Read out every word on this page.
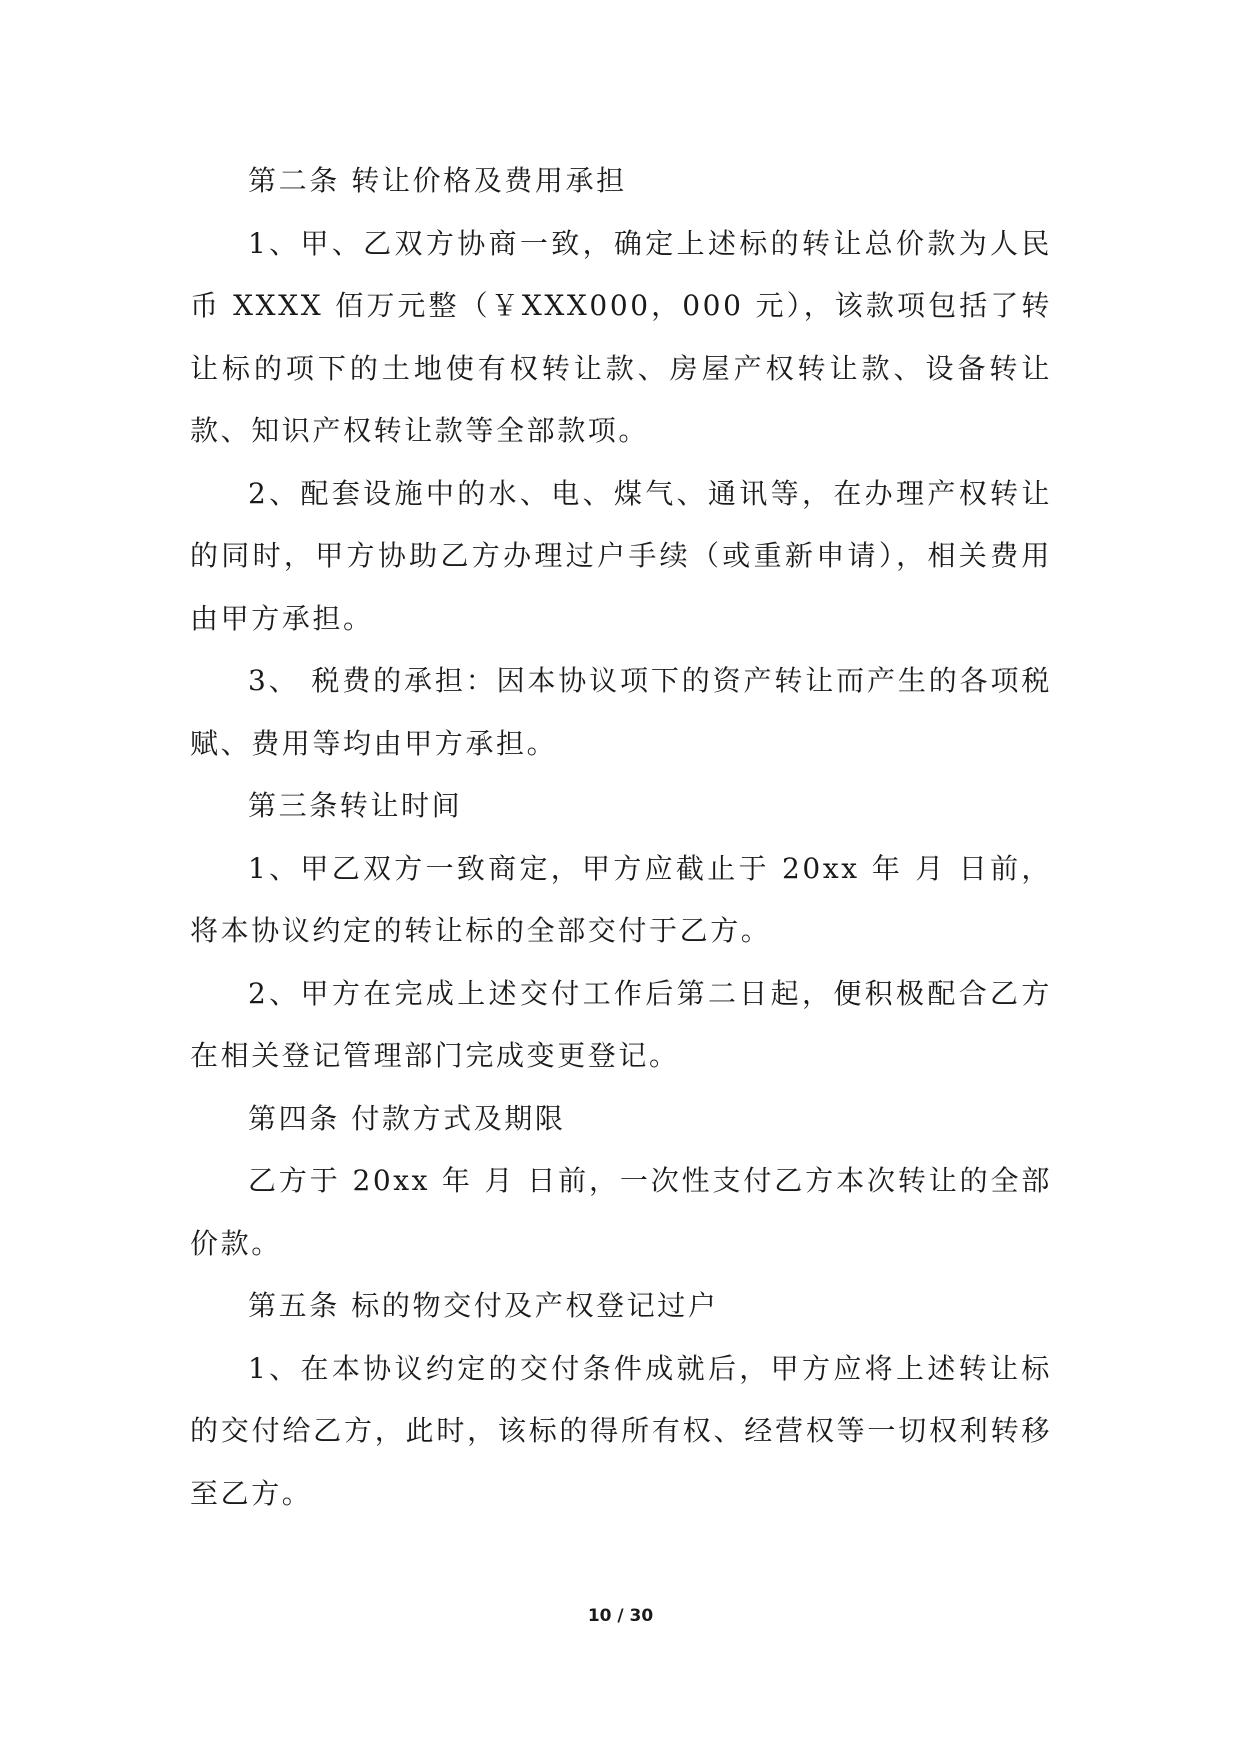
第二条 转让价格及费用承担

1、甲、乙双方协商一致，确定上述标的转让总价款为人民币 XXXX 佰万元整（￥XXX000，000 元），该款项包括了转让标的项下的土地使有权转让款、房屋产权转让款、设备转让款、知识产权转让款等全部款项。

2、配套设施中的水、电、煤气、通讯等，在办理产权转让的同时，甲方协助乙方办理过户手续（或重新申请），相关费用由甲方承担。

3、 税费的承担：因本协议项下的资产转让而产生的各项税赋、费用等均由甲方承担。

第三条转让时间

1、甲乙双方一致商定，甲方应截止于 20xx 年 月 日前，将本协议约定的转让标的全部交付于乙方。

2、甲方在完成上述交付工作后第二日起，便积极配合乙方在相关登记管理部门完成变更登记。

第四条 付款方式及期限

乙方于 20xx 年 月 日前，一次性支付乙方本次转让的全部价款。

第五条 标的物交付及产权登记过户

1、在本协议约定的交付条件成就后，甲方应将上述转让标的交付给乙方，此时，该标的得所有权、经营权等一切权利转移至乙方。

10 / 30
